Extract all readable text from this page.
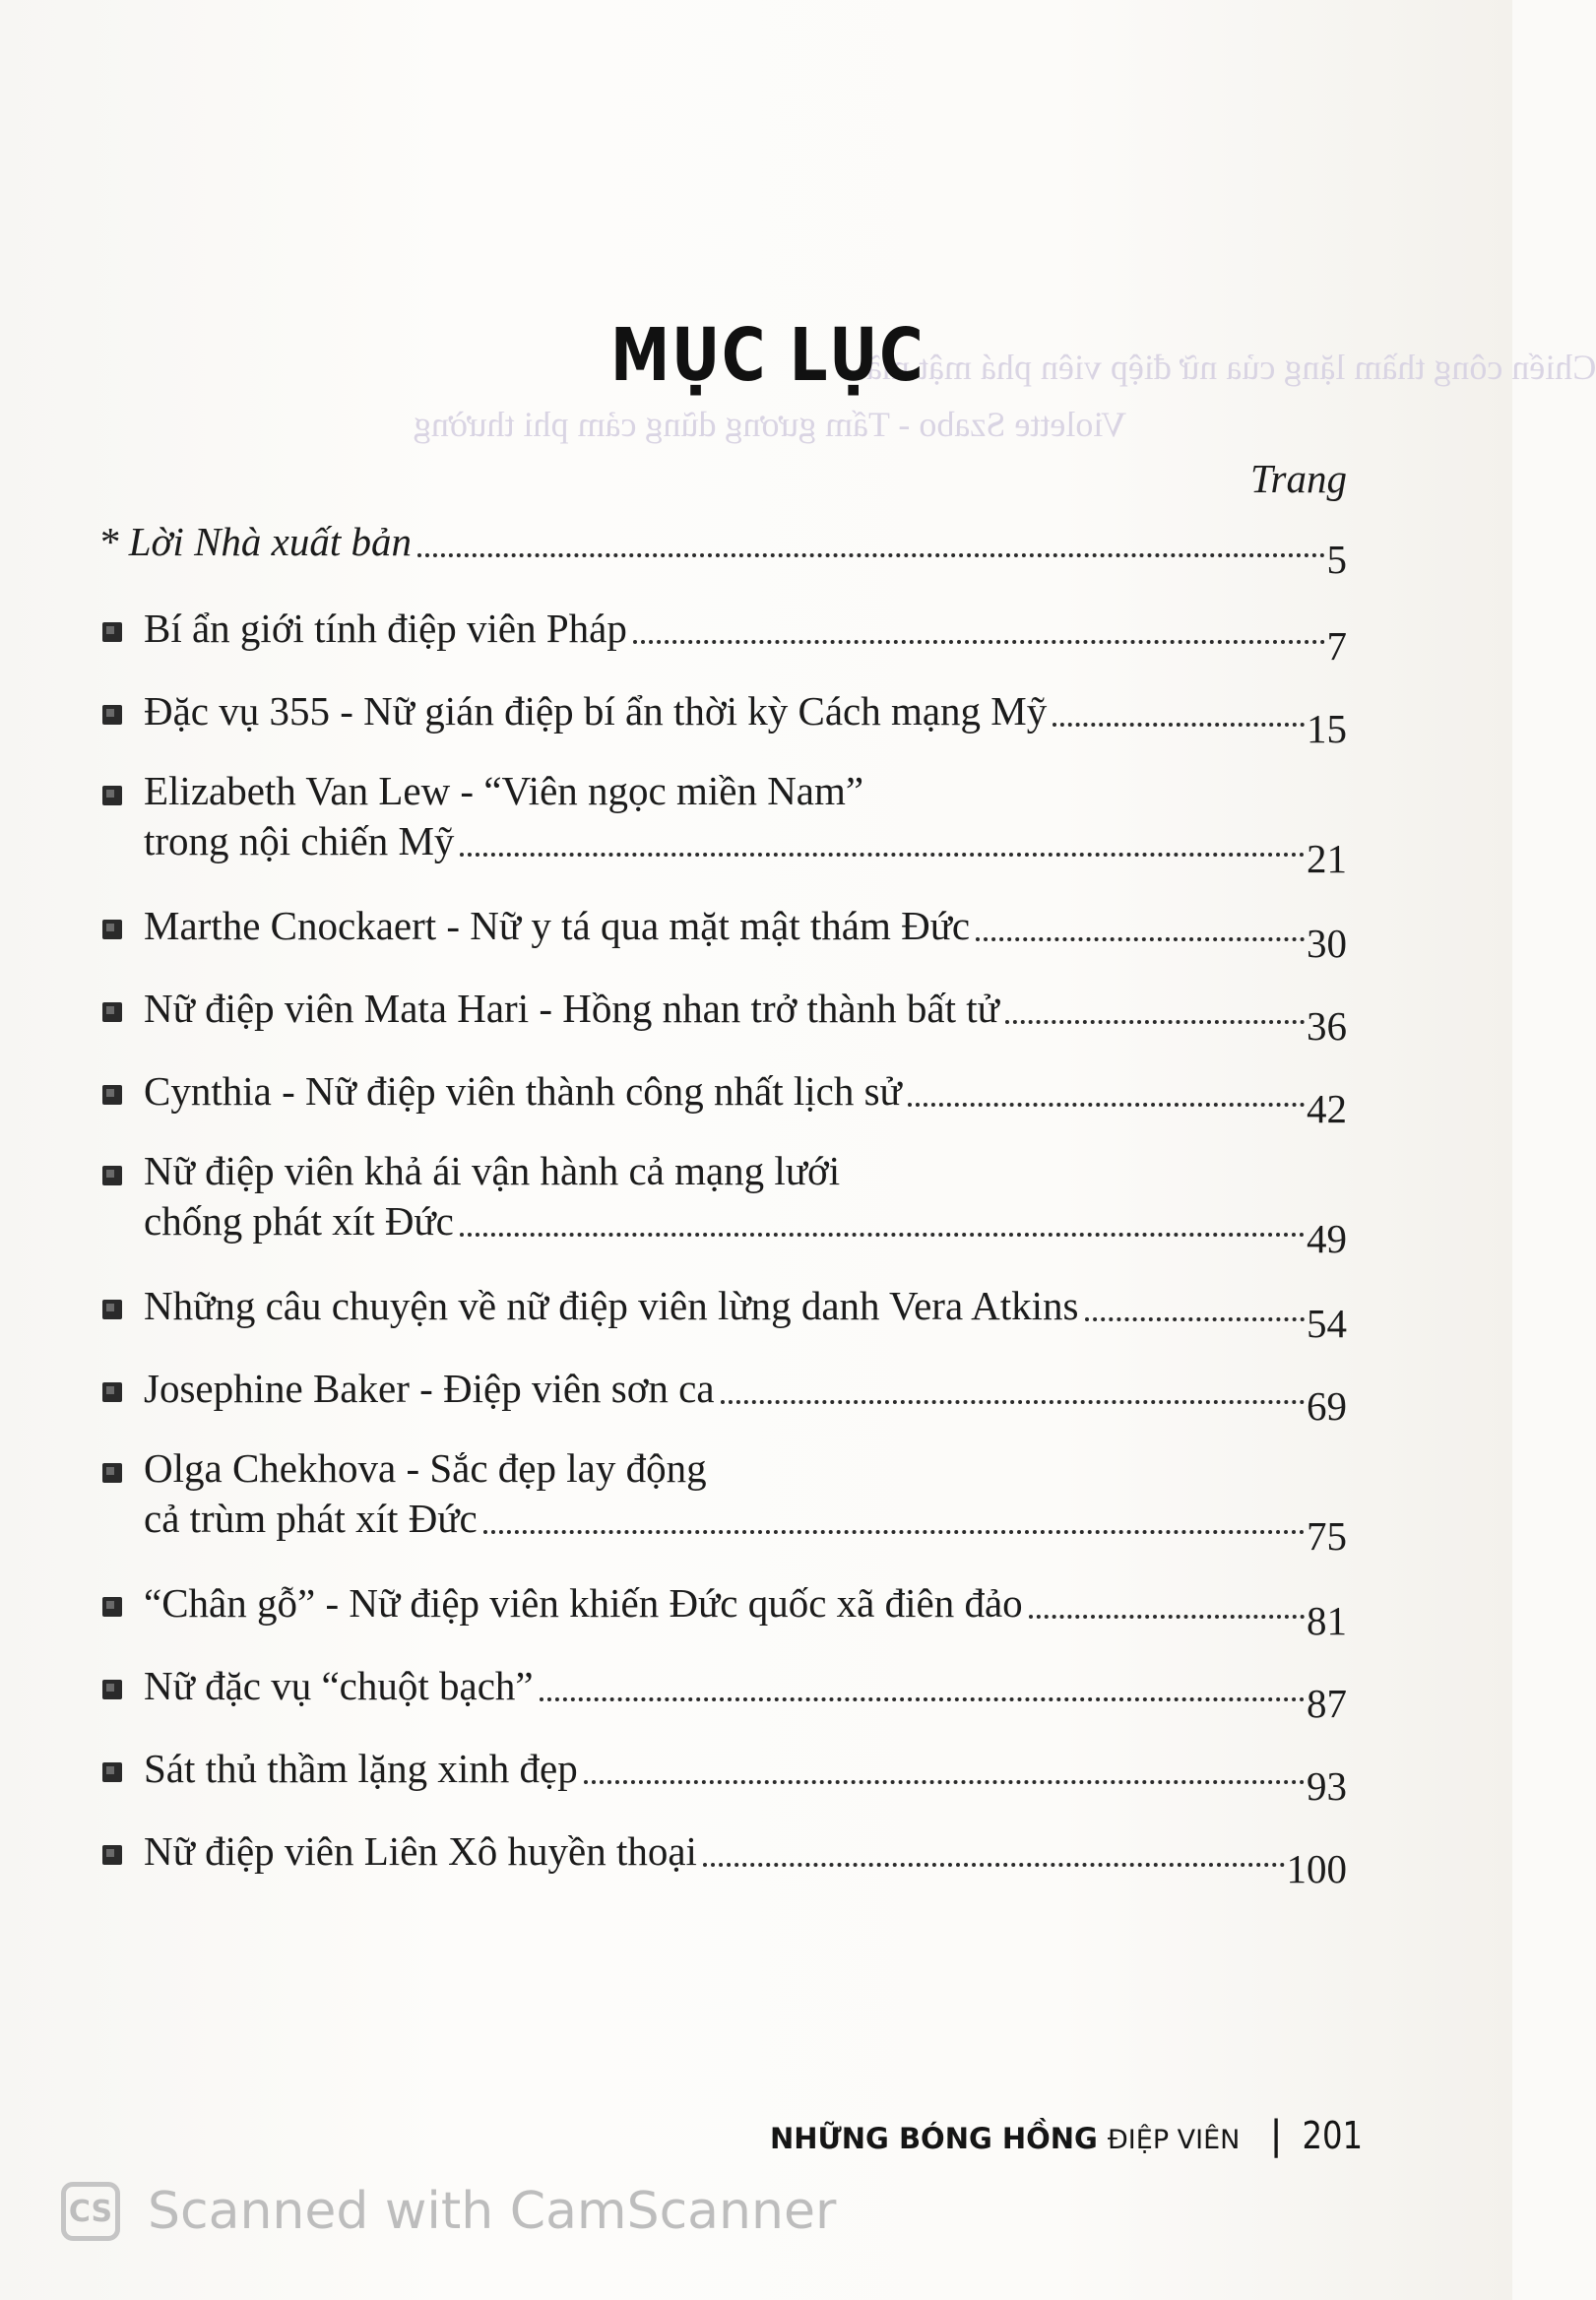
Chiến công thầm lặng của nữ điệp viên phá mật mã
Violette Szabo - Tấm gương dũng cảm phi thường
MỤC LỤC
Trang
* Lời Nhà xuất bản	5
Bí ẩn giới tính điệp viên Pháp	7
Đặc vụ 355 - Nữ gián điệp bí ẩn thời kỳ Cách mạng Mỹ	15
Elizabeth Van Lew - “Viên ngọc miền Nam”
trong nội chiến Mỹ	21
Marthe Cnockaert - Nữ y tá qua mặt mật thám Đức	30
Nữ điệp viên Mata Hari - Hồng nhan trở thành bất tử	36
Cynthia - Nữ điệp viên thành công nhất lịch sử	42
Nữ điệp viên khả ái vận hành cả mạng lưới
chống phát xít Đức	49
Những câu chuyện về nữ điệp viên lừng danh Vera Atkins	54
Josephine Baker - Điệp viên sơn ca	69
Olga Chekhova - Sắc đẹp lay động
cả trùm phát xít Đức	75
“Chân gỗ” - Nữ điệp viên khiến Đức quốc xã điên đảo	81
Nữ đặc vụ “chuột bạch”	87
Sát thủ thầm lặng xinh đẹp	93
Nữ điệp viên Liên Xô huyền thoại	100
NHỮNG BÓNG HỒNG ĐIỆP VIÊN | 201
CS Scanned with CamScanner
